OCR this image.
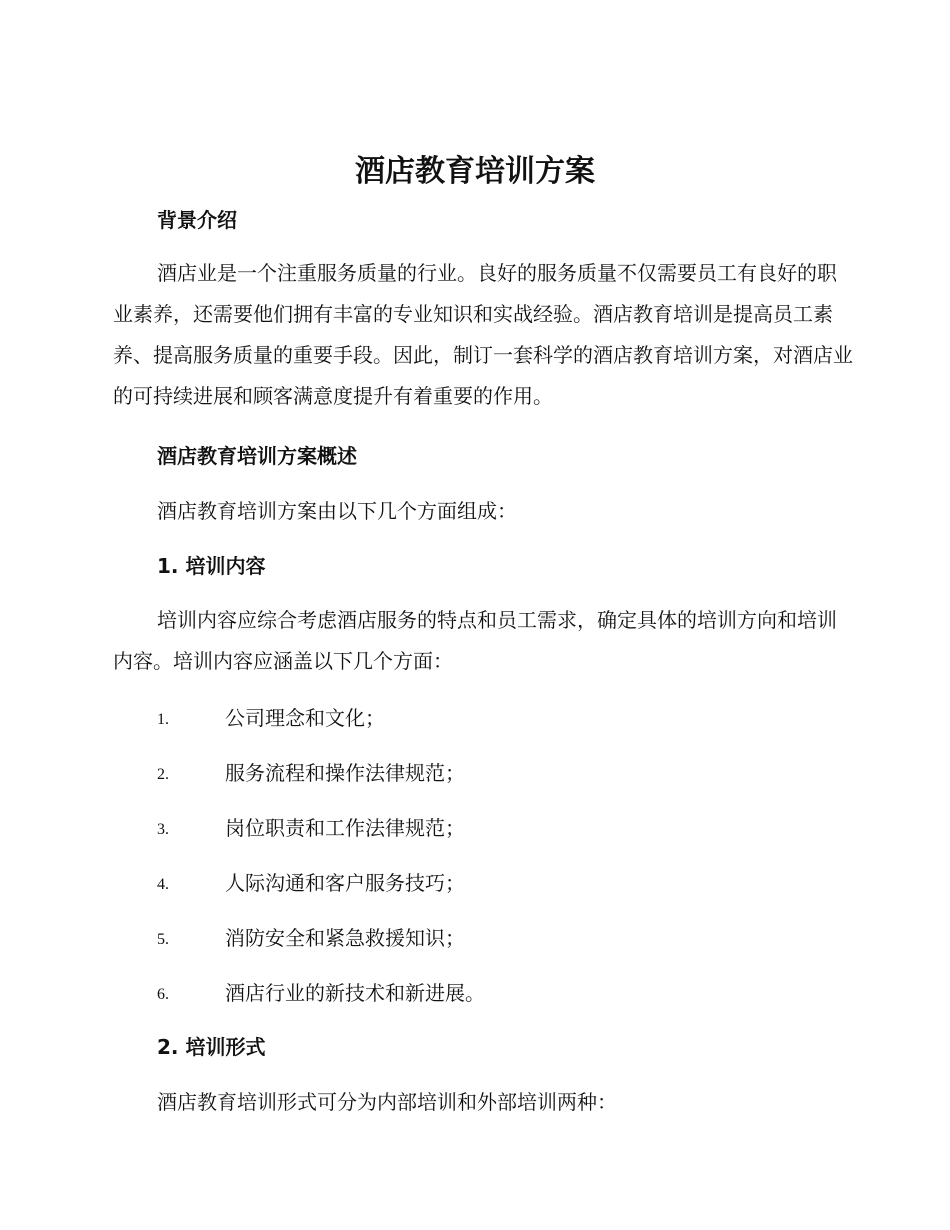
酒店教育培训方案
背景介绍

酒店业是一个注重服务质量的行业。良好的服务质量不仅需要员工有良好的职业素养，还需要他们拥有丰富的专业知识和实战经验。酒店教育培训是提高员工素养、提高服务质量的重要手段。因此，制订一套科学的酒店教育培训方案，对酒店业的可持续进展和顾客满意度提升有着重要的作用。

酒店教育培训方案概述

酒店教育培训方案由以下几个方面组成：

1. 培训内容

培训内容应综合考虑酒店服务的特点和员工需求，确定具体的培训方向和培训内容。培训内容应涵盖以下几个方面：

1.	公司理念和文化；
2.	服务流程和操作法律规范；
3.	岗位职责和工作法律规范；
4.	人际沟通和客户服务技巧；
5.	消防安全和紧急救援知识；
6.	酒店行业的新技术和新进展。
2. 培训形式

酒店教育培训形式可分为内部培训和外部培训两种：
